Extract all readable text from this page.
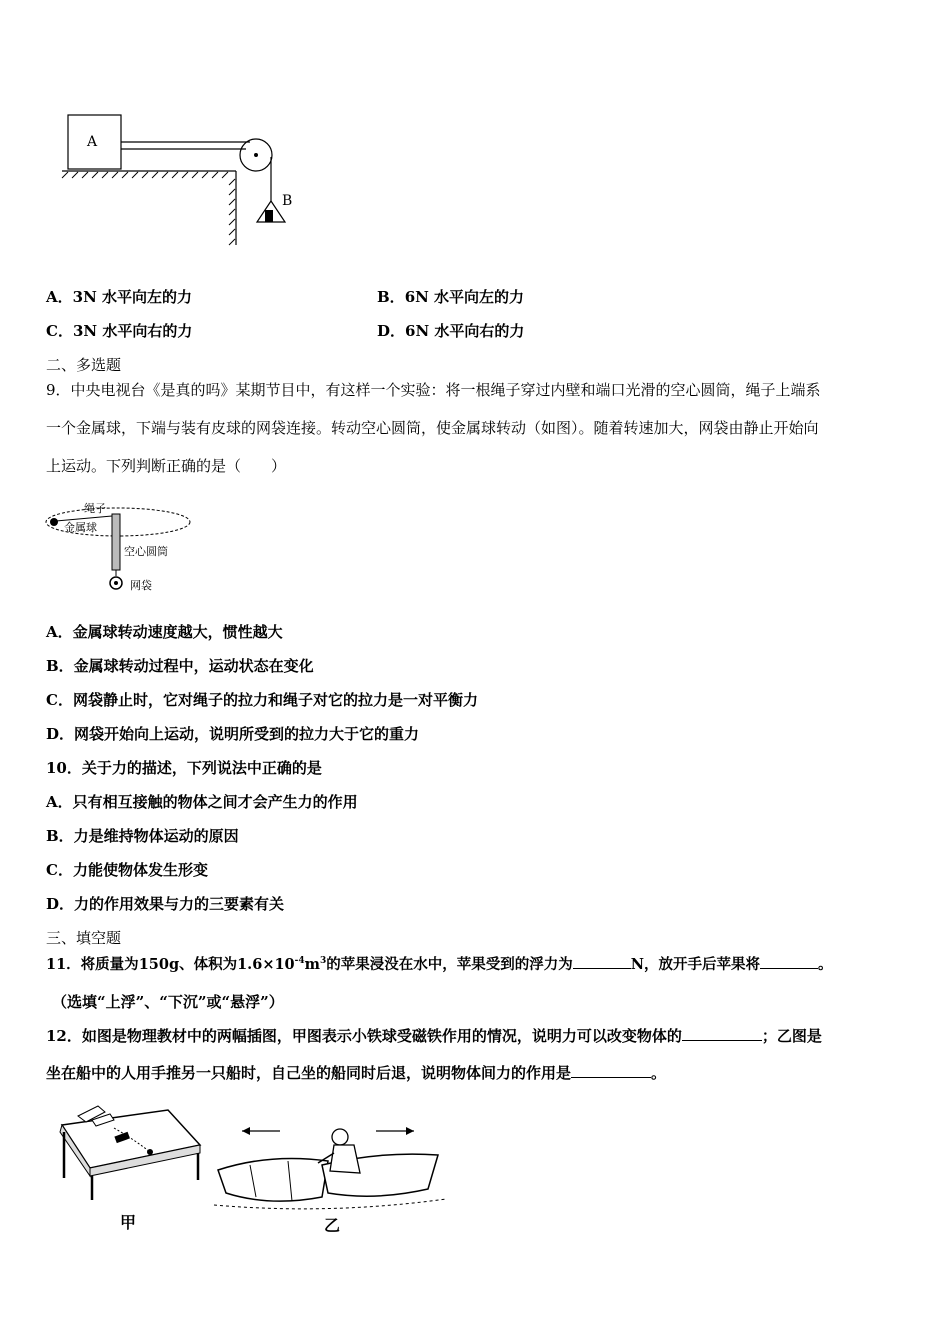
A
B
A．3N 水平向左的力	B．6N 水平向左的力
C．3N 水平向右的力	D．6N 水平向右的力
二、多选题
9．中央电视台《是真的吗》某期节目中，有这样一个实验：将一根绳子穿过内壁和端口光滑的空心圆筒，绳子上端系
一个金属球，下端与装有皮球的网袋连接。转动空心圆筒，使金属球转动（如图）。随着转速加大，网袋由静止开始向
上运动。下列判断正确的是（　　）
绳子
金属球
空心圆筒
网袋
A．金属球转动速度越大，惯性越大
B．金属球转动过程中，运动状态在变化
C．网袋静止时，它对绳子的拉力和绳子对它的拉力是一对平衡力
D．网袋开始向上运动，说明所受到的拉力大于它的重力
10．关于力的描述，下列说法中正确的是
A．只有相互接触的物体之间才会产生力的作用
B．力是维持物体运动的原因
C．力能使物体发生形变
D．力的作用效果与力的三要素有关
三、填空题
11．将质量为150g、体积为$1.6\times 10^{-4}m^3$的苹果浸没在水中，苹果受到的浮力为	N，放开手后苹果将	。
（选填“上浮”、“下沉”或“悬浮”）
12．如图是物理教材中的两幅插图，甲图表示小铁球受磁铁作用的情况，说明力可以改变物体的	；乙图是
坐在船中的人用手推另一只船时，自己坐的船同时后退，说明物体间力的作用是	。
甲	乙
